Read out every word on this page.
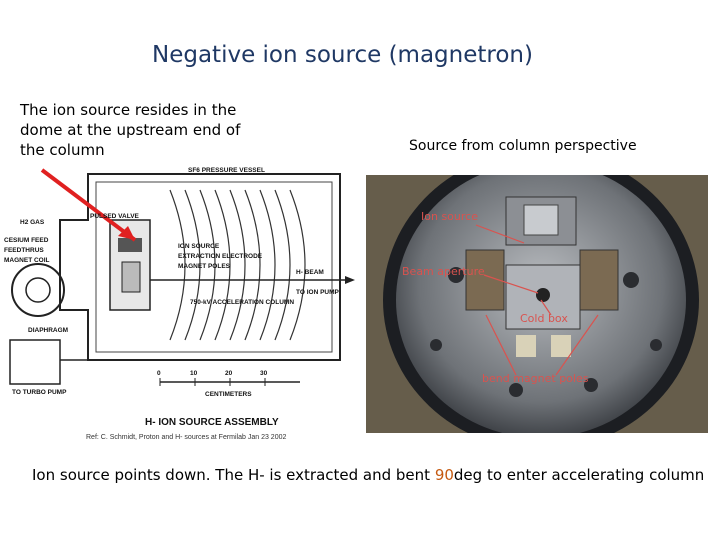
Negative ion source (magnetron)
The ion source resides in the dome at the upstream end of the column	Source from column perspective
SF6 PRESSURE VESSEL
H2 GAS
PULSED VALVE
CESIUM FEED
FEEDTHRUS
MAGNET COIL
ION SOURCE
EXTRACTION ELECTRODE
MAGNET POLES
H- BEAM
TO ION PUMP
750-kV ACCELERATION COLUMN
DIAPHRAGM
TO TURBO PUMP	CENTIMETERS
H- ION SOURCE ASSEMBLY
0	10	20	30
Ref: C. Schmidt, Proton and H- sources at Fermilab Jan 23 2002
Ion source
Beam aperture
Cold box
bend magnet poles
Ion source points down. The H- is extracted and bent 90deg to enter accelerating column
